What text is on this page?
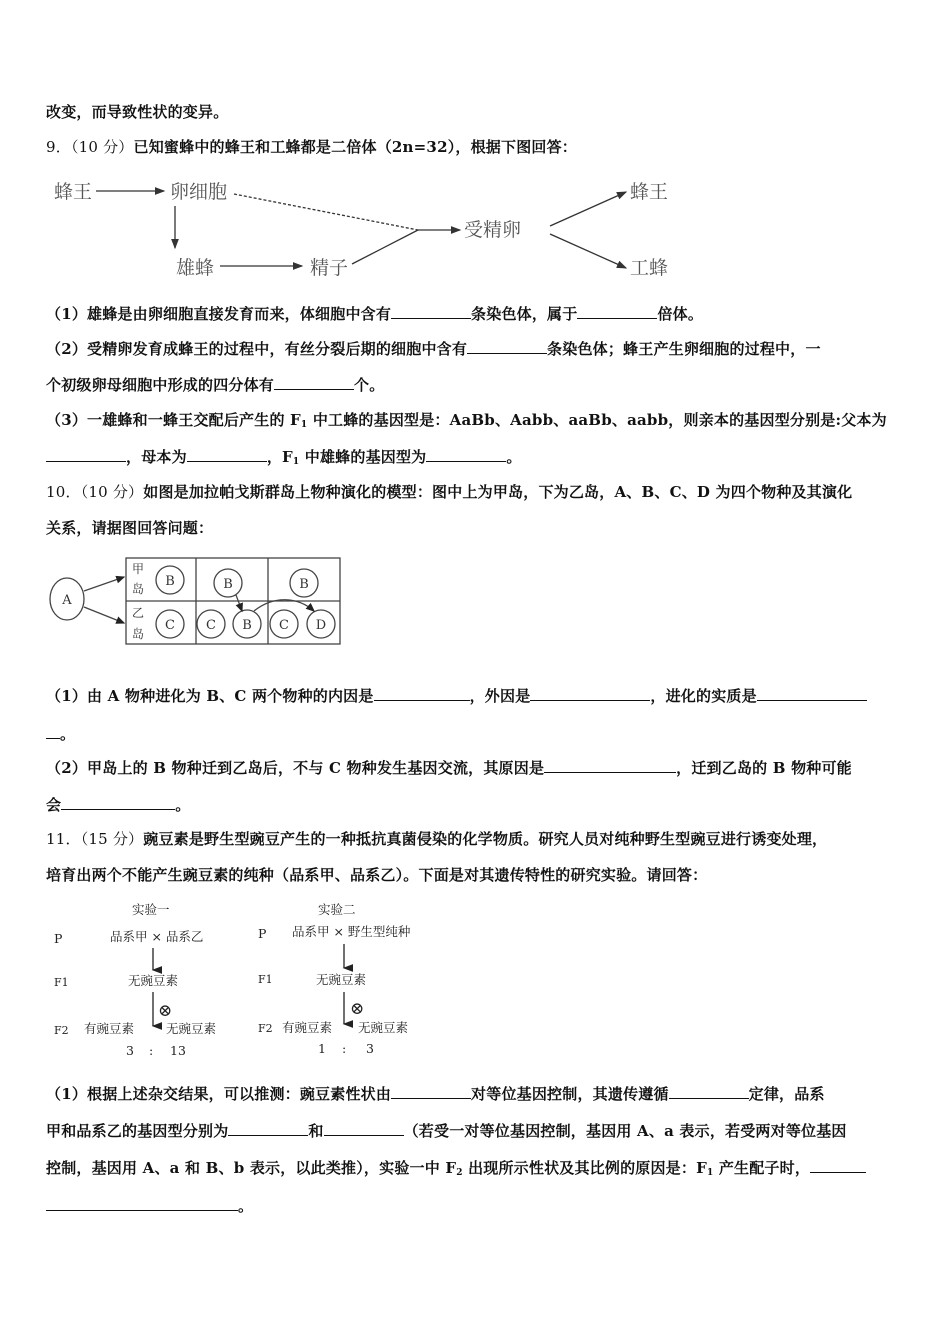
改变，而导致性状的变异。
9．（10 分）已知蜜蜂中的蜂王和工蜂都是二倍体（2n=32），根据下图回答：
蜂王	卵细胞
雄蜂	精子
受精卵
蜂王
工蜂
（1）雄蜂是由卵细胞直接发育而来，体细胞中含有	条染色体，属于	倍体。
（2）受精卵发育成蜂王的过程中，有丝分裂后期的细胞中含有	条染色体；蜂王产生卵细胞的过程中，一
个初级卵母细胞中形成的四分体有	个。
（3）一雄蜂和一蜂王交配后产生的 $F_1$ 中工蜂的基因型是：AaBb、Aabb、aaBb、aabb，则亲本的基因型分别是:父本为
，母本为	，$F_1$ 中雄蜂的基因型为	。
10．（10 分）如图是加拉帕戈斯群岛上物种演化的模型：图中上为甲岛，下为乙岛，A、B、C、D 为四个物种及其演化
关系，请据图回答问题：
A
甲
岛
乙
岛
B	B	B
C C B C D
（1）由 A 物种进化为 B、C 两个物种的内因是	，外因是	，进化的实质是
。
（2）甲岛上的 B 物种迁到乙岛后，不与 C 物种发生基因交流，其原因是	，迁到乙岛的 B 物种可能
会	。
11．（15 分）豌豆素是野生型豌豆产生的一种抵抗真菌侵染的化学物质。研究人员对纯种野生型豌豆进行诱变处理，
培育出两个不能产生豌豆素的纯种（品系甲、品系乙）。下面是对其遗传特性的研究实验。请回答：
实验一
P	品系甲 × 品系乙
F1	无豌豆素
⊗
F2 有豌豆素	无豌豆素
3 : 13
实验二
P 品系甲 × 野生型纯种
F1	无豌豆素
⊗
F2 有豌豆素 无豌豆素
1 : 3
（1）根据上述杂交结果，可以推测：豌豆素性状由	对等位基因控制，其遗传遵循	定律，品系
甲和品系乙的基因型分别为	和	（若受一对等位基因控制，基因用 A、a 表示，若受两对等位基因
控制，基因用 A、a 和 B、b 表示，以此类推），实验一中 $F_2$ 出现所示性状及其比例的原因是：$F_1$ 产生配子时，
。
